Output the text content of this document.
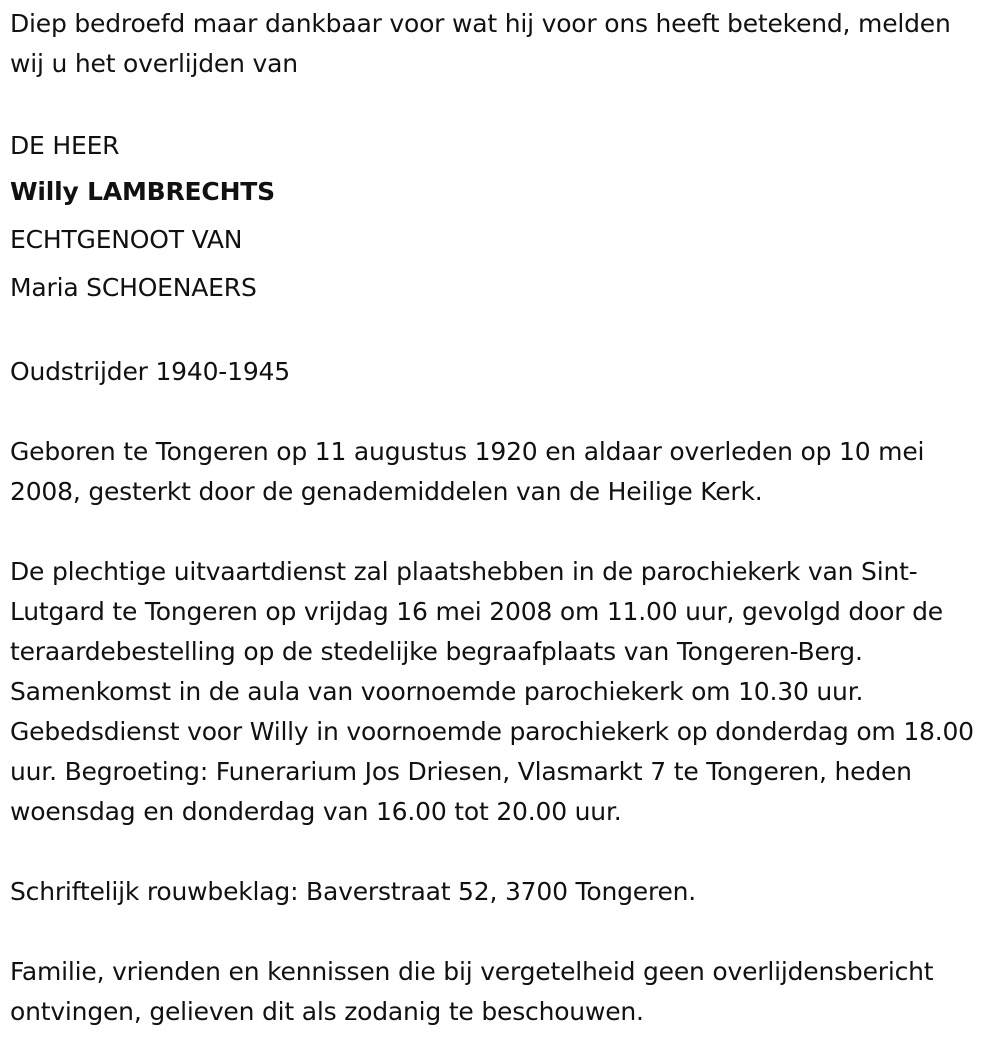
Diep bedroefd maar dankbaar voor wat hij voor ons heeft betekend, melden wij u het overlijden van

DE HEER

Willy LAMBRECHTS

ECHTGENOOT VAN

Maria SCHOENAERS

Oudstrijder 1940-1945

Geboren te Tongeren op 11 augustus 1920 en aldaar overleden op 10 mei 2008, gesterkt door de genademiddelen van de Heilige Kerk.

De plechtige uitvaartdienst zal plaatshebben in de parochiekerk van Sint-Lutgard te Tongeren op vrijdag 16 mei 2008 om 11.00 uur, gevolgd door de teraardebestelling op de stedelijke begraafplaats van Tongeren-Berg. Samenkomst in de aula van voornoemde parochiekerk om 10.30 uur. Gebedsdienst voor Willy in voornoemde parochiekerk op donderdag om 18.00 uur. Begroeting: Funerarium Jos Driesen, Vlasmarkt 7 te Tongeren, heden woensdag en donderdag van 16.00 tot 20.00 uur.

Schriftelijk rouwbeklag: Baverstraat 52, 3700 Tongeren.

Familie, vrienden en kennissen die bij vergetelheid geen overlijdensbericht ontvingen, gelieven dit als zodanig te beschouwen.
